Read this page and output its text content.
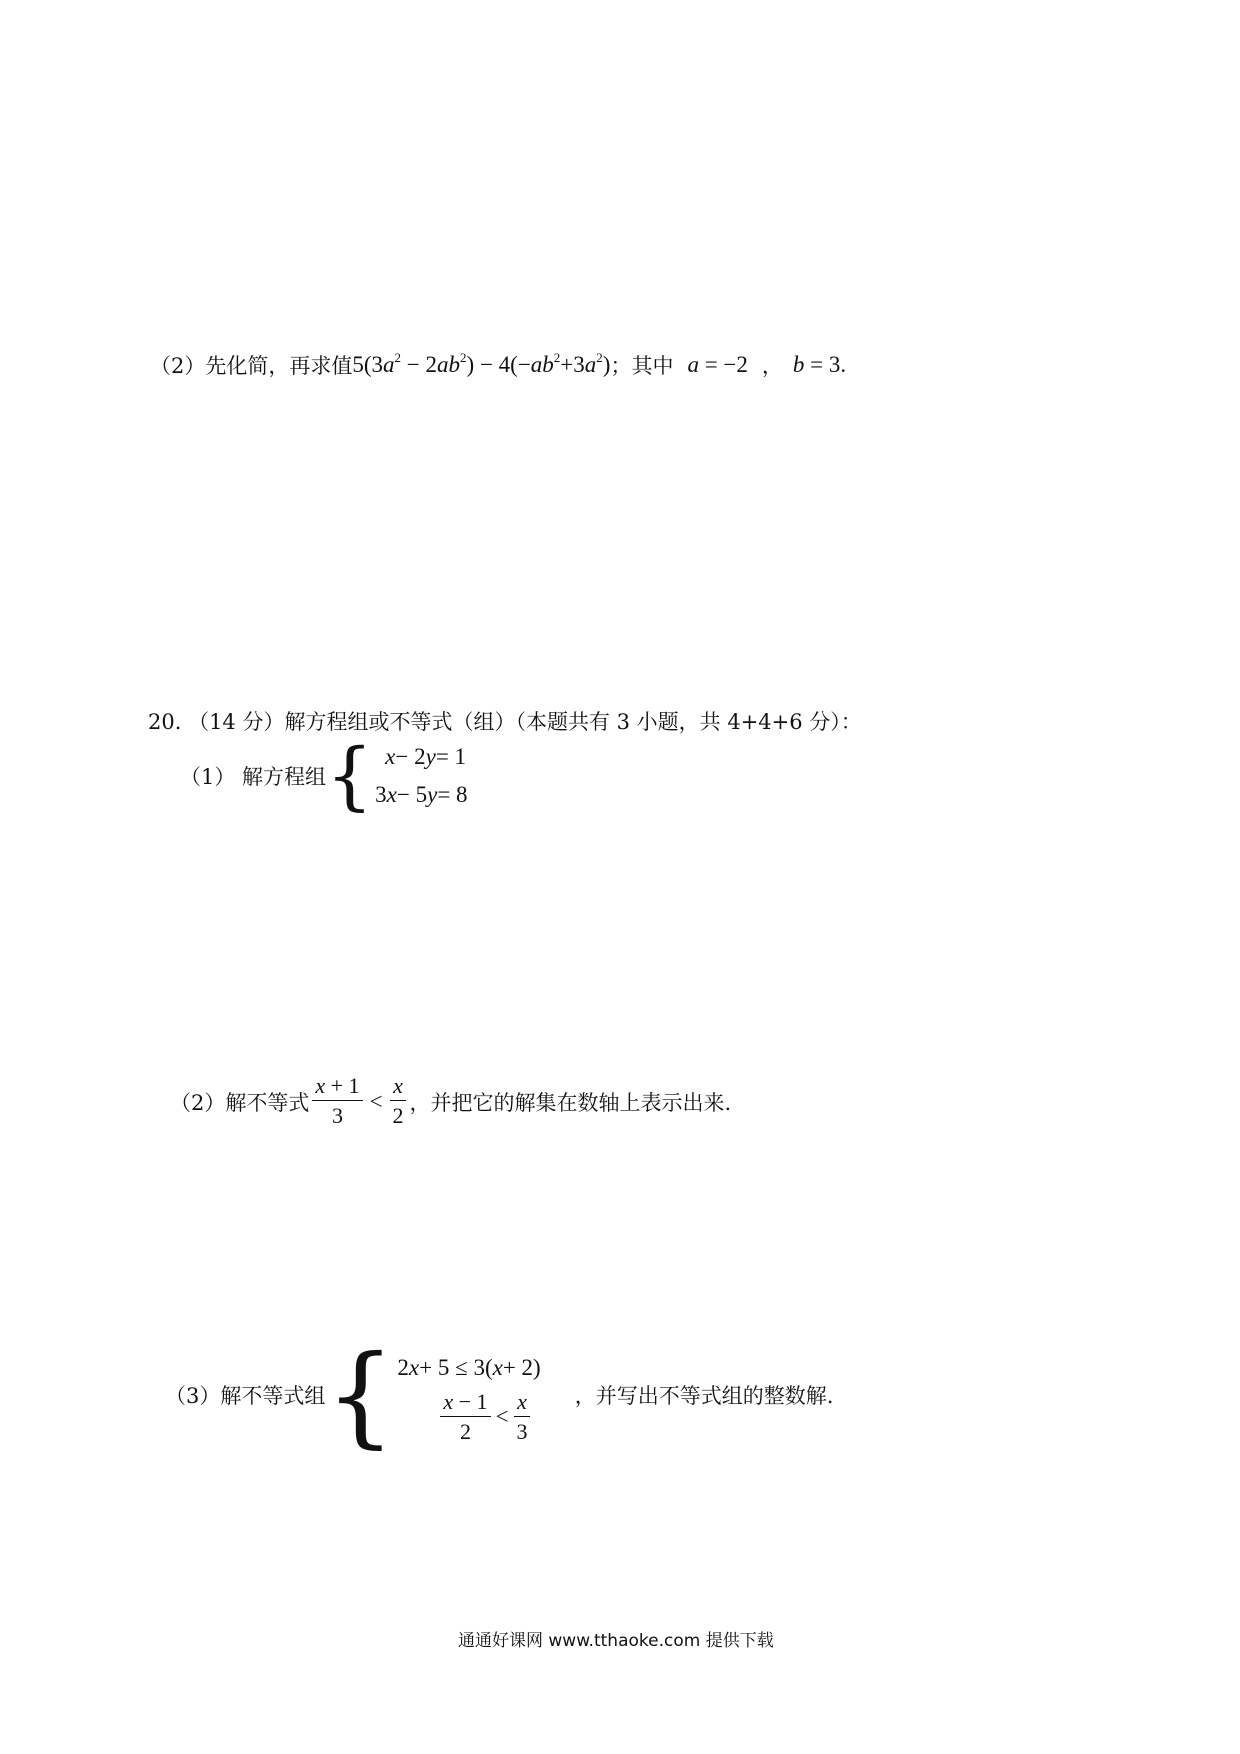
（2）先化简，再求值 $5(3a^2 - 2ab^2) - 4(-ab^2+3a^2)$ ；其中 a = −2 ， b = 3.
20. （14 分）解方程组或不等式（组）（本题共有 3 小题，共 4+4+6 分）：
（1） 解方程组 { x − 2 y = 1
3 x − 5 y = 8
（2）解不等式 $\frac{x + 1}{3} < \frac{x}{2}$ ，并把它的解集在数轴上表示出来.
（3）解不等式组 { 2 x + 5 ≤ 3( x + 2)
$\frac{x - 1}{2} < \frac{x}{3}$ ，并写出不等式组的整数解.
通通好课网 www.tthaoke.com 提供下载
